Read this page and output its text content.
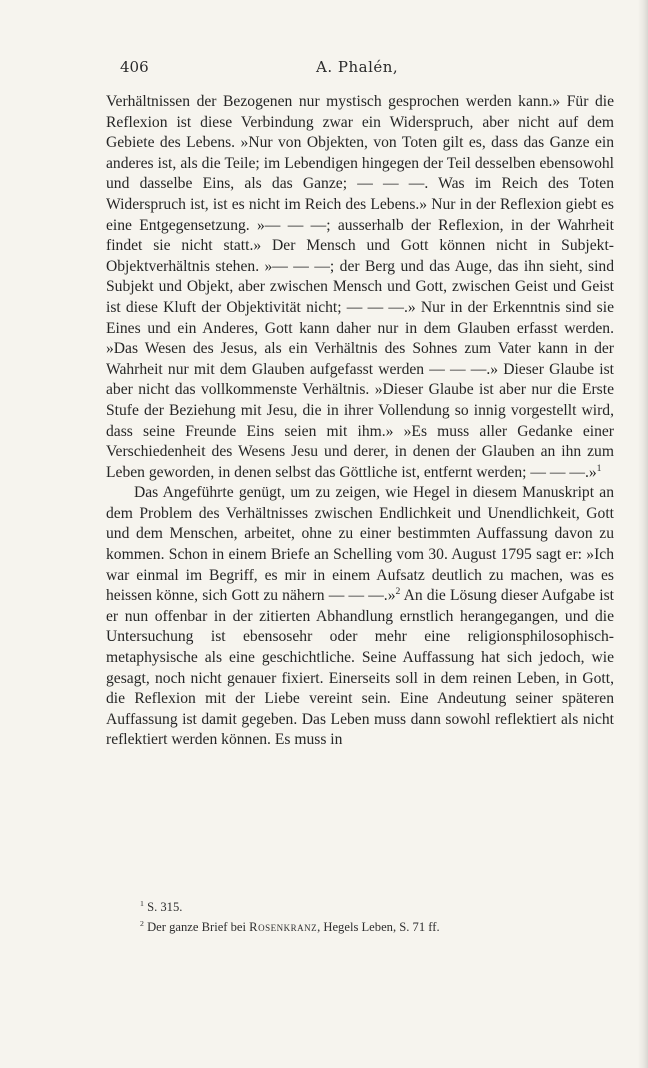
406	A. Phalén,

Verhältnissen der Bezogenen nur mystisch gesprochen werden kann.» Für die Reflexion ist diese Verbindung zwar ein Widerspruch, aber nicht auf dem Gebiete des Lebens. »Nur von Objekten, von Toten gilt es, dass das Ganze ein anderes ist, als die Teile; im Lebendigen hingegen der Teil desselben ebensowohl und dasselbe Eins, als das Ganze; — — —. Was im Reich des Toten Widerspruch ist, ist es nicht im Reich des Lebens.» Nur in der Reflexion giebt es eine Entgegensetzung. »— — —; ausserhalb der Reflexion, in der Wahrheit findet sie nicht statt.» Der Mensch und Gott können nicht in Subjekt-Objektverhältnis stehen. »— — —; der Berg und das Auge, das ihn sieht, sind Subjekt und Objekt, aber zwischen Mensch und Gott, zwischen Geist und Geist ist diese Kluft der Objektivität nicht; — — —.» Nur in der Erkenntnis sind sie Eines und ein Anderes, Gott kann daher nur in dem Glauben erfasst werden. »Das Wesen des Jesus, als ein Verhältnis des Sohnes zum Vater kann in der Wahrheit nur mit dem Glauben aufgefasst werden — — —.» Dieser Glaube ist aber nicht das vollkommenste Verhältnis. »Dieser Glaube ist aber nur die Erste Stufe der Beziehung mit Jesu, die in ihrer Vollendung so innig vorgestellt wird, dass seine Freunde Eins seien mit ihm.» »Es muss aller Gedanke einer Verschiedenheit des Wesens Jesu und derer, in denen der Glauben an ihn zum Leben geworden, in denen selbst das Göttliche ist, entfernt werden; — — —.»$^1$

Das Angeführte genügt, um zu zeigen, wie Hegel in diesem Manuskript an dem Problem des Verhältnisses zwischen Endlichkeit und Unendlichkeit, Gott und dem Menschen, arbeitet, ohne zu einer bestimmten Auffassung davon zu kommen. Schon in einem Briefe an Schelling vom 30. August 1795 sagt er: »Ich war einmal im Begriff, es mir in einem Aufsatz deutlich zu machen, was es heissen könne, sich Gott zu nähern — — —.»$^2$ An die Lösung dieser Aufgabe ist er nun offenbar in der zitierten Abhandlung ernstlich herangegangen, und die Untersuchung ist ebensosehr oder mehr eine religionsphilosophisch-metaphysische als eine geschichtliche. Seine Auffassung hat sich jedoch, wie gesagt, noch nicht genauer fixiert. Einerseits soll in dem reinen Leben, in Gott, die Reflexion mit der Liebe vereint sein. Eine Andeutung seiner späteren Auffassung ist damit gegeben. Das Leben muss dann sowohl reflektiert als nicht reflektiert werden können. Es muss in

$^1$ S. 315.
$^2$ Der ganze Brief bei Rosenkranz, Hegels Leben, S. 71 ff.
